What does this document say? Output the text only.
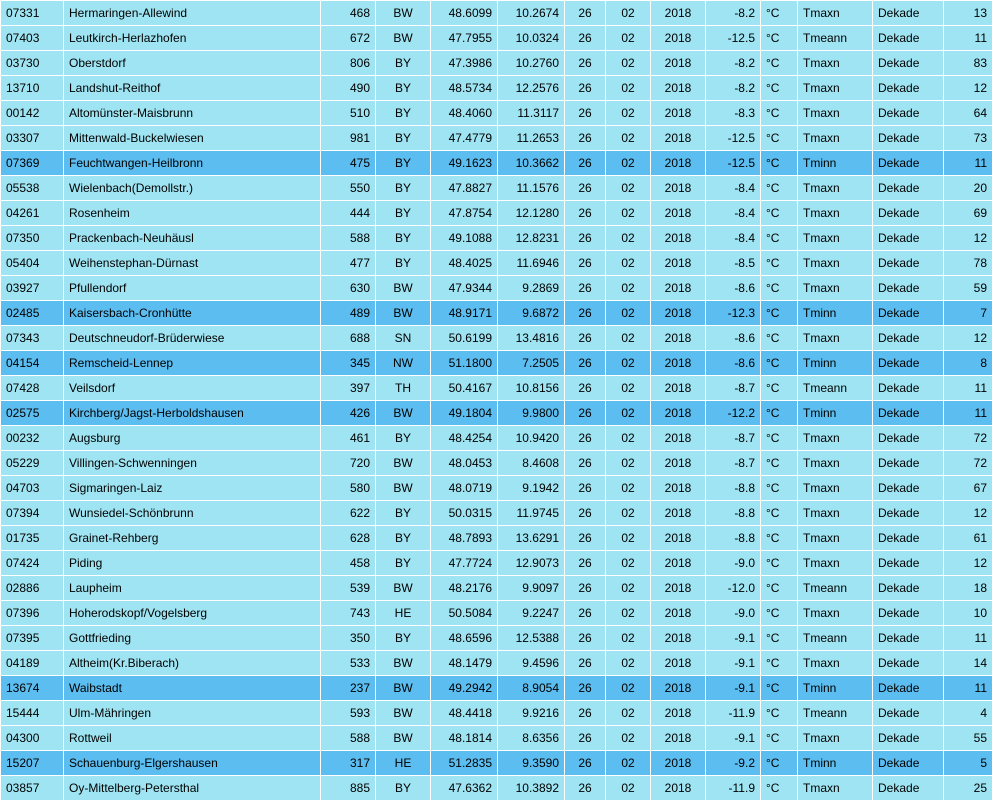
07331	Hermaringen-Allewind	468	BW	48.6099	10.2674	26	02	2018	-8.2	°C	Tmaxn	Dekade	13
07403	Leutkirch-Herlazhofen	672	BW	47.7955	10.0324	26	02	2018	-12.5	°C	Tmeann	Dekade	11
03730	Oberstdorf	806	BY	47.3986	10.2760	26	02	2018	-8.2	°C	Tmaxn	Dekade	83
13710	Landshut-Reithof	490	BY	48.5734	12.2576	26	02	2018	-8.2	°C	Tmaxn	Dekade	12
00142	Altomünster-Maisbrunn	510	BY	48.4060	11.3117	26	02	2018	-8.3	°C	Tmaxn	Dekade	64
03307	Mittenwald-Buckelwiesen	981	BY	47.4779	11.2653	26	02	2018	-12.5	°C	Tmaxn	Dekade	73
07369	Feuchtwangen-Heilbronn	475	BY	49.1623	10.3662	26	02	2018	-12.5	°C	Tminn	Dekade	11
05538	Wielenbach(Demollstr.)	550	BY	47.8827	11.1576	26	02	2018	-8.4	°C	Tmaxn	Dekade	20
04261	Rosenheim	444	BY	47.8754	12.1280	26	02	2018	-8.4	°C	Tmaxn	Dekade	69
07350	Prackenbach-Neuhäusl	588	BY	49.1088	12.8231	26	02	2018	-8.4	°C	Tmaxn	Dekade	12
05404	Weihenstephan-Dürnast	477	BY	48.4025	11.6946	26	02	2018	-8.5	°C	Tmaxn	Dekade	78
03927	Pfullendorf	630	BW	47.9344	9.2869	26	02	2018	-8.6	°C	Tmaxn	Dekade	59
02485	Kaisersbach-Cronhütte	489	BW	48.9171	9.6872	26	02	2018	-12.3	°C	Tminn	Dekade	7
07343	Deutschneudorf-Brüderwiese	688	SN	50.6199	13.4816	26	02	2018	-8.6	°C	Tmaxn	Dekade	12
04154	Remscheid-Lennep	345	NW	51.1800	7.2505	26	02	2018	-8.6	°C	Tminn	Dekade	8
07428	Veilsdorf	397	TH	50.4167	10.8156	26	02	2018	-8.7	°C	Tmeann	Dekade	11
02575	Kirchberg/Jagst-Herboldshausen	426	BW	49.1804	9.9800	26	02	2018	-12.2	°C	Tminn	Dekade	11
00232	Augsburg	461	BY	48.4254	10.9420	26	02	2018	-8.7	°C	Tmaxn	Dekade	72
05229	Villingen-Schwenningen	720	BW	48.0453	8.4608	26	02	2018	-8.7	°C	Tmaxn	Dekade	72
04703	Sigmaringen-Laiz	580	BW	48.0719	9.1942	26	02	2018	-8.8	°C	Tmaxn	Dekade	67
07394	Wunsiedel-Schönbrunn	622	BY	50.0315	11.9745	26	02	2018	-8.8	°C	Tmaxn	Dekade	12
01735	Grainet-Rehberg	628	BY	48.7893	13.6291	26	02	2018	-8.8	°C	Tmaxn	Dekade	61
07424	Piding	458	BY	47.7724	12.9073	26	02	2018	-9.0	°C	Tmaxn	Dekade	12
02886	Laupheim	539	BW	48.2176	9.9097	26	02	2018	-12.0	°C	Tmeann	Dekade	18
07396	Hoherodskopf/Vogelsberg	743	HE	50.5084	9.2247	26	02	2018	-9.0	°C	Tmaxn	Dekade	10
07395	Gottfrieding	350	BY	48.6596	12.5388	26	02	2018	-9.1	°C	Tmeann	Dekade	11
04189	Altheim(Kr.Biberach)	533	BW	48.1479	9.4596	26	02	2018	-9.1	°C	Tmaxn	Dekade	14
13674	Waibstadt	237	BW	49.2942	8.9054	26	02	2018	-9.1	°C	Tminn	Dekade	11
15444	Ulm-Mähringen	593	BW	48.4418	9.9216	26	02	2018	-11.9	°C	Tmeann	Dekade	4
04300	Rottweil	588	BW	48.1814	8.6356	26	02	2018	-9.1	°C	Tmaxn	Dekade	55
15207	Schauenburg-Elgershausen	317	HE	51.2835	9.3590	26	02	2018	-9.2	°C	Tminn	Dekade	5
03857	Oy-Mittelberg-Petersthal	885	BY	47.6362	10.3892	26	02	2018	-11.9	°C	Tmaxn	Dekade	25
